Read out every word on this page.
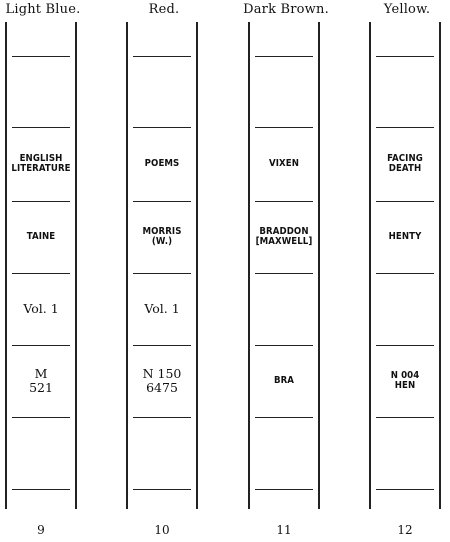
Light Blue.
ENGLISH
LITERATURE
TAINE
Vol. 1
M
521
9
Red.
POEMS
MORRIS
(W.)
Vol. 1
N 150
6475
10
Dark Brown.
VIXEN
BRADDON
[MAXWELL]
BRA
11
Yellow.
FACING
DEATH
HENTY
N 004
HEN
12
